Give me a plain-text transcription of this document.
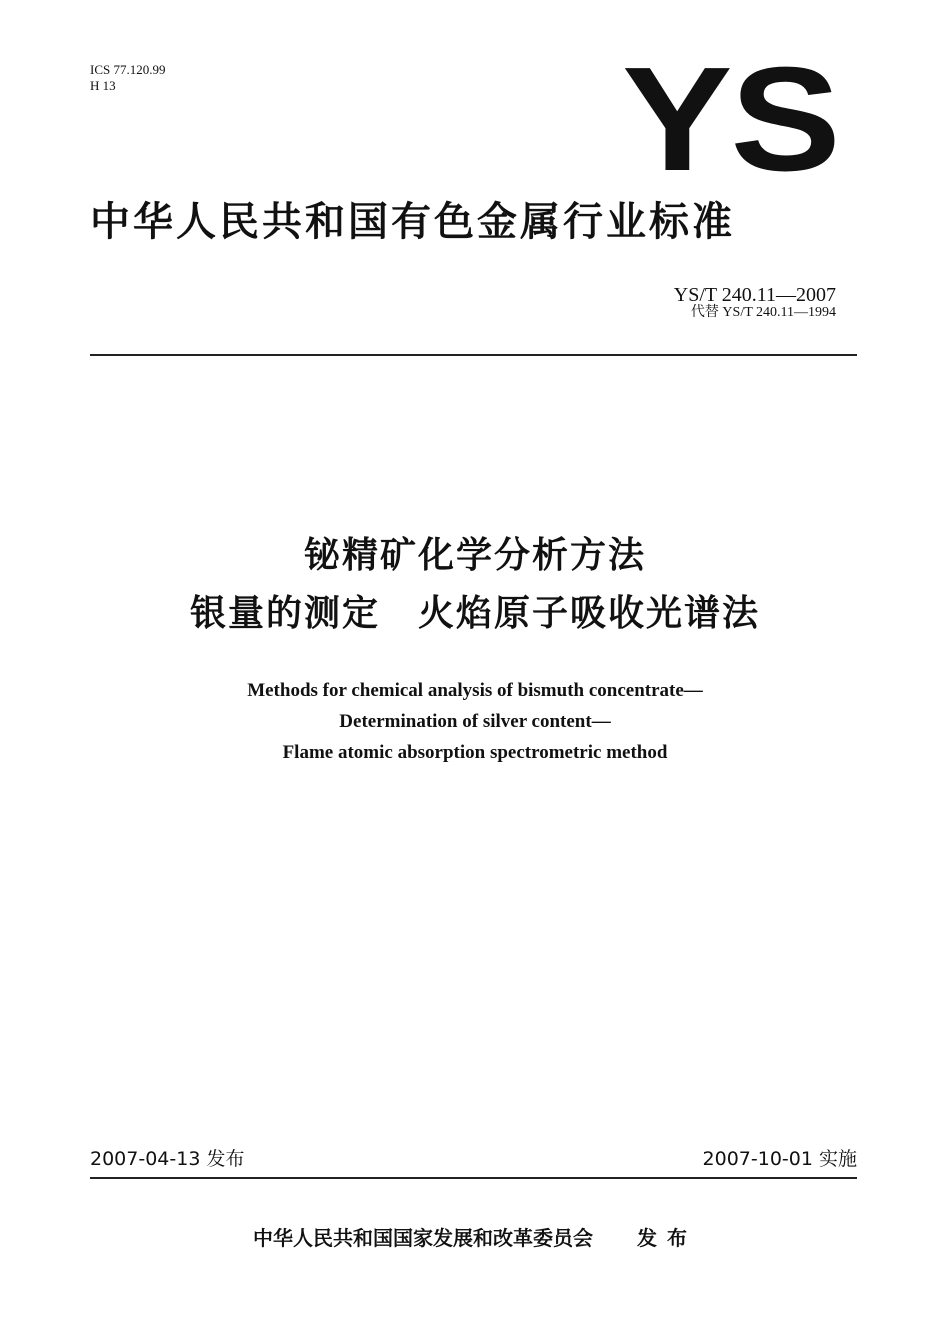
ICS 77.120.99
H 13	YS
中华人民共和国有色金属行业标准
YS/T 240.11—2007
代替 YS/T 240.11—1994
铋精矿化学分析方法
银量的测定　火焰原子吸收光谱法
Methods for chemical analysis of bismuth concentrate—
Determination of silver content—
Flame atomic absorption spectrometric method
2007-04-13 发布	2007-10-01 实施
中华人民共和国国家发展和改革委员会 发布
